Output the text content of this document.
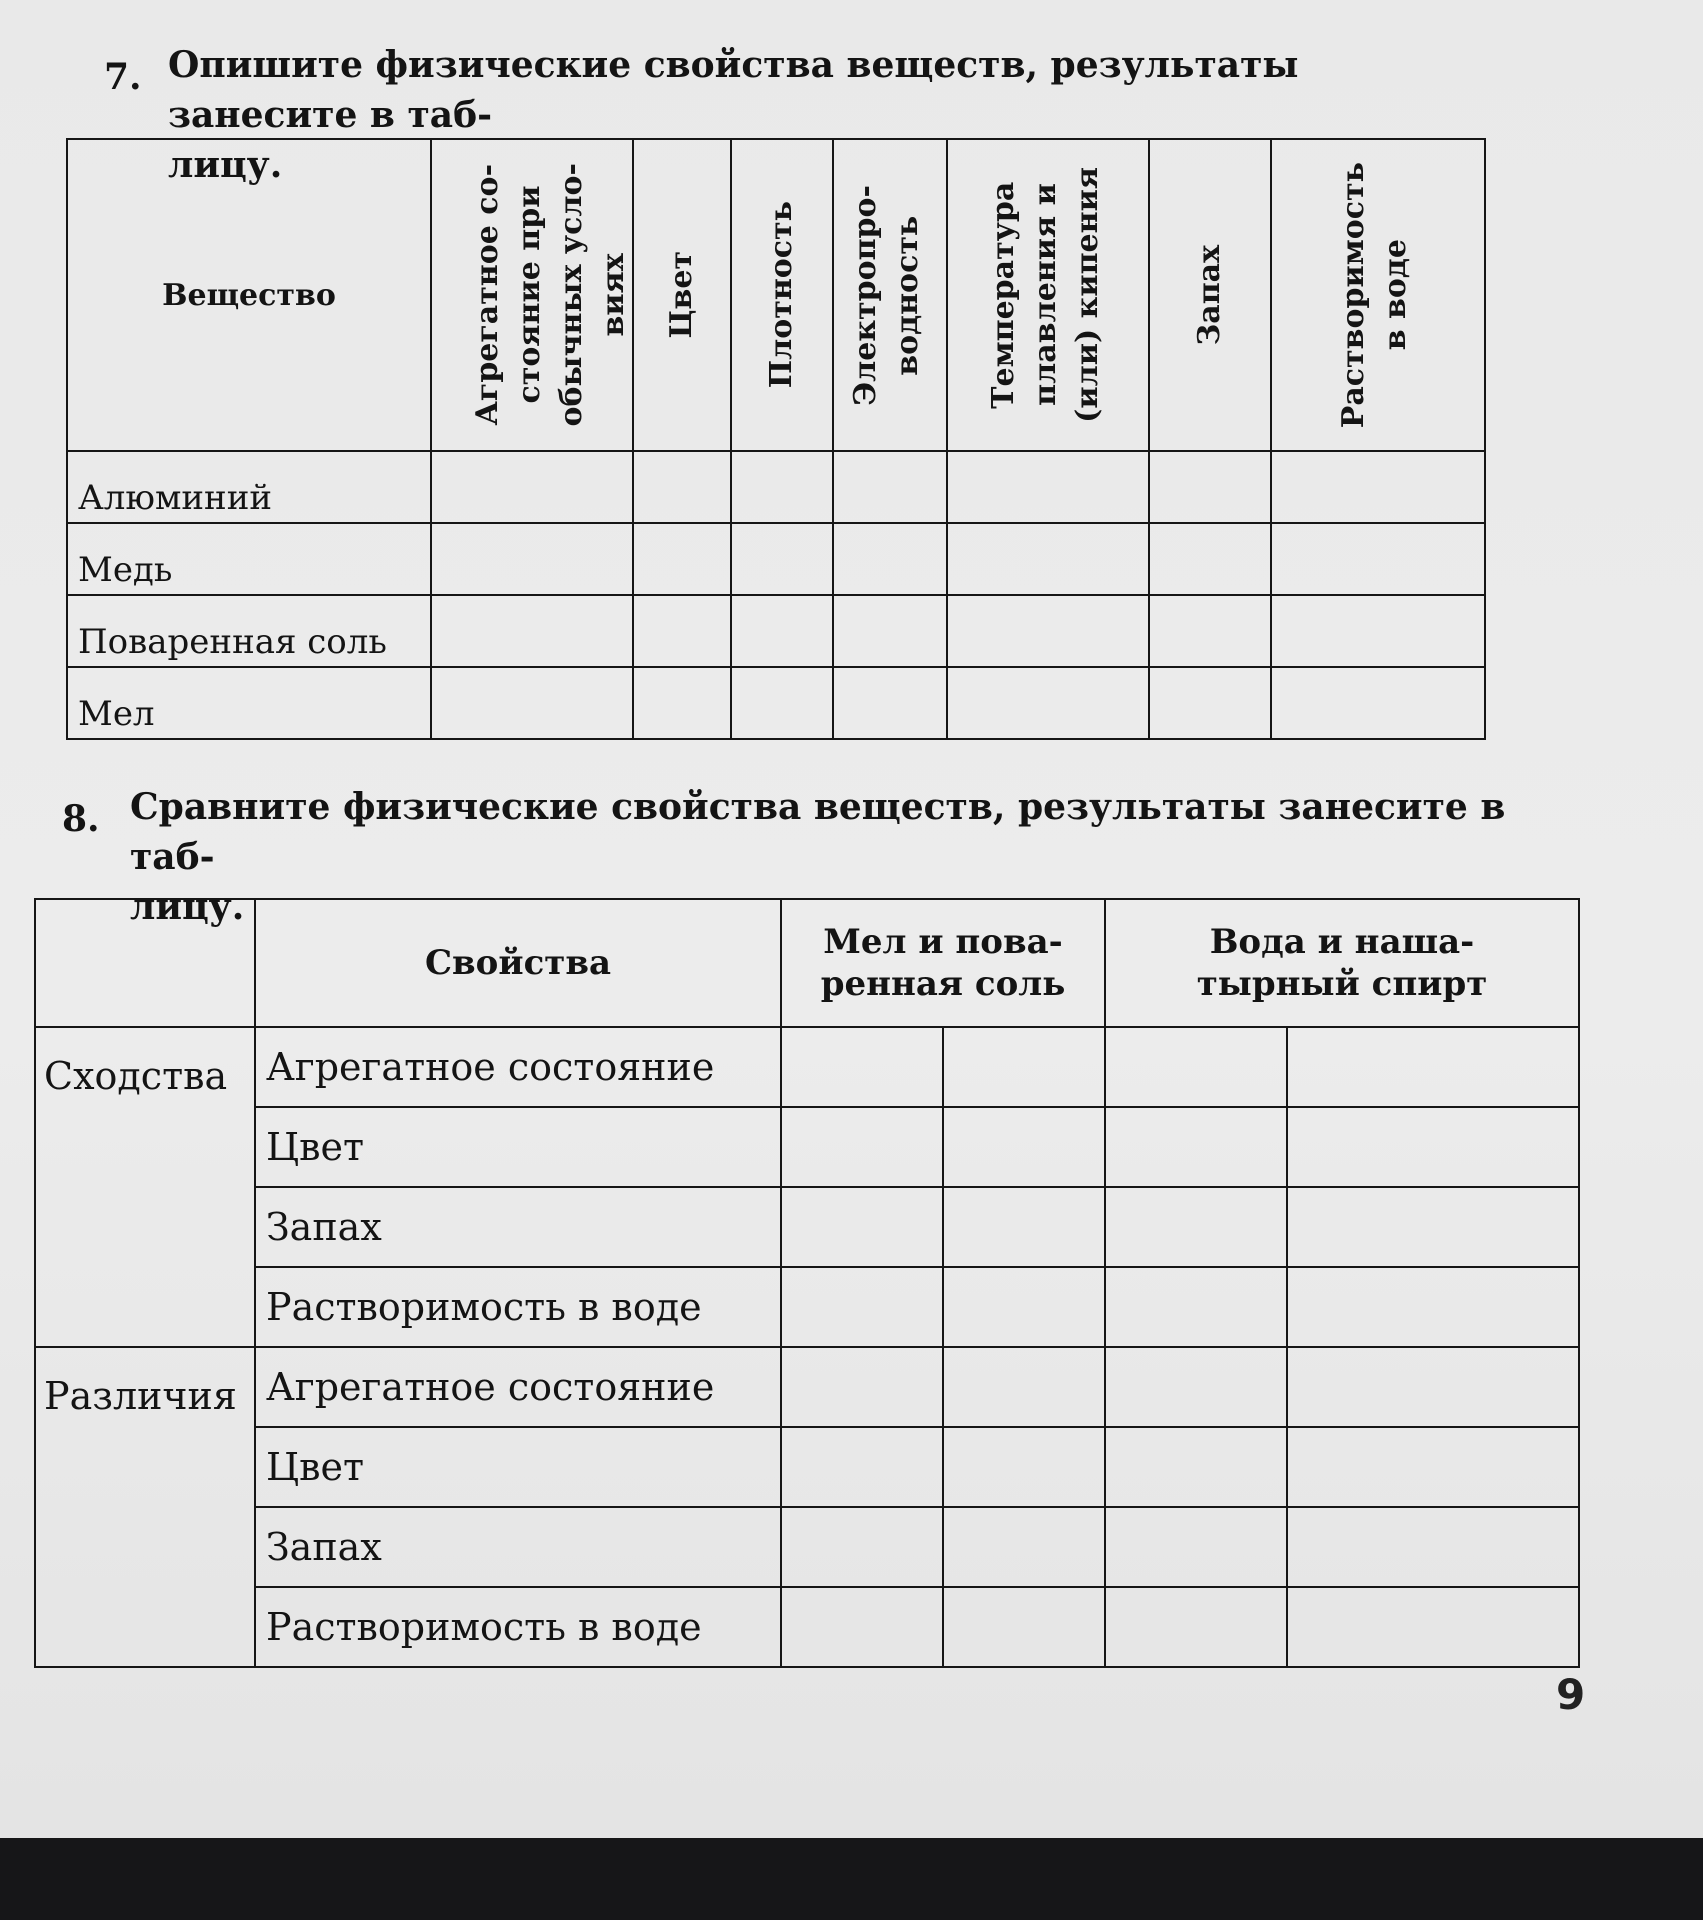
7. Опишите физические свойства веществ, результаты занесите в таб-
лицу.
Вещество	Агрегатное со-
стояние при
обычных усло-
виях	Цвет	Плотность	Электропро-
водность	Температура
плавления и
(или) кипения	Запах	Растворимость
в воде

Алюминий							
Медь							
Поваренная соль							
Мел							
8. Сравните физические свойства веществ, результаты занесите в таб-
лицу.
	Свойства	Мел и пова-
ренная соль		Вода и наша-
тырный спирт	
Сходства	Агрегатное состояние				
	Цвет				
	Запах				
	Растворимость в воде				
Различия	Агрегатное состояние				
	Цвет				
	Запах				
	Растворимость в воде				
9
